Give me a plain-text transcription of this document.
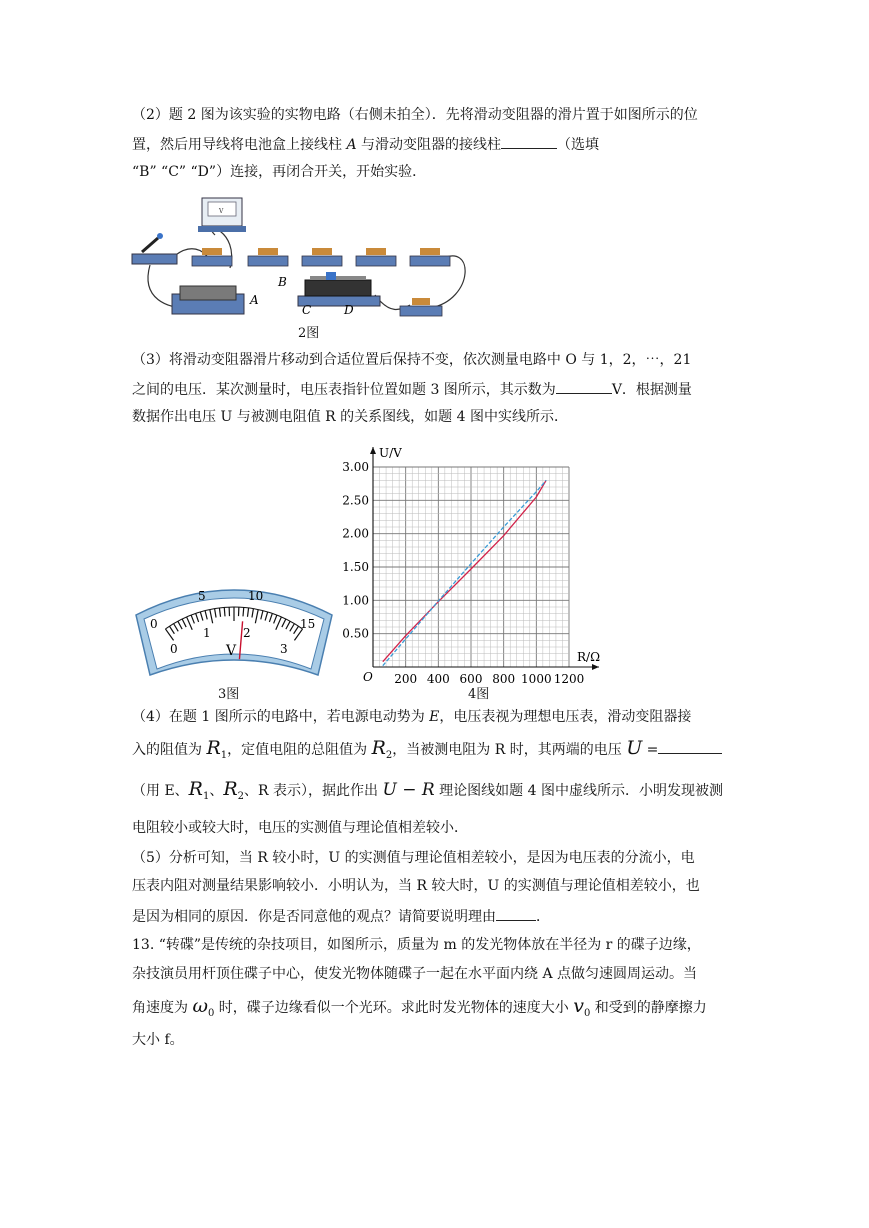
（2）题 2 图为该实验的实物电路（右侧未拍全）．先将滑动变阻器的滑片置于如图所示的位
置，然后用导线将电池盒上接线柱 A 与滑动变阻器的接线柱	（选填
“B” “C” “D”）连接，再闭合开关，开始实验．
V
A
B
C	D
2图
（3）将滑动变阻器滑片移动到合适位置后保持不变，依次测量电路中 O 与 1，2，⋯，21
之间的电压．某次测量时，电压表指针位置如题 3 图所示，其示数为	V．根据测量
数据作出电压 U 与被测电阻值 R 的关系图线，如题 4 图中实线所示．
0
5	10
15
0
1	2
3
V
3图
200 400 600 800 1000 1200
0.50
1.00
1.50
2.00
2.50
3.00
O
R/Ω
U/V
4图
（4）在题 1 图所示的电路中，若电源电动势为 E，电压表视为理想电压表，滑动变阻器接
入的阻值为 $R_1$，定值电阻的总阻值为 $R_2$，当被测电阻为 R 时，其两端的电压 U =
（用 E、$R_1$、$R_2$、R 表示），据此作出 U − R 理论图线如题 4 图中虚线所示．小明发现被测
电阻较小或较大时，电压的实测值与理论值相差较小．
（5）分析可知，当 R 较小时，U 的实测值与理论值相差较小，是因为电压表的分流小，电
压表内阻对测量结果影响较小．小明认为，当 R 较大时，U 的实测值与理论值相差较小，也
是因为相同的原因．你是否同意他的观点？请简要说明理由	．
13. “转碟”是传统的杂技项目，如图所示，质量为 m 的发光物体放在半径为 r 的碟子边缘，
杂技演员用杆顶住碟子中心，使发光物体随碟子一起在水平面内绕 A 点做匀速圆周运动。当
角速度为 $\omega_0$ 时，碟子边缘看似一个光环。求此时发光物体的速度大小 $v_0$ 和受到的静摩擦力
大小 f。
